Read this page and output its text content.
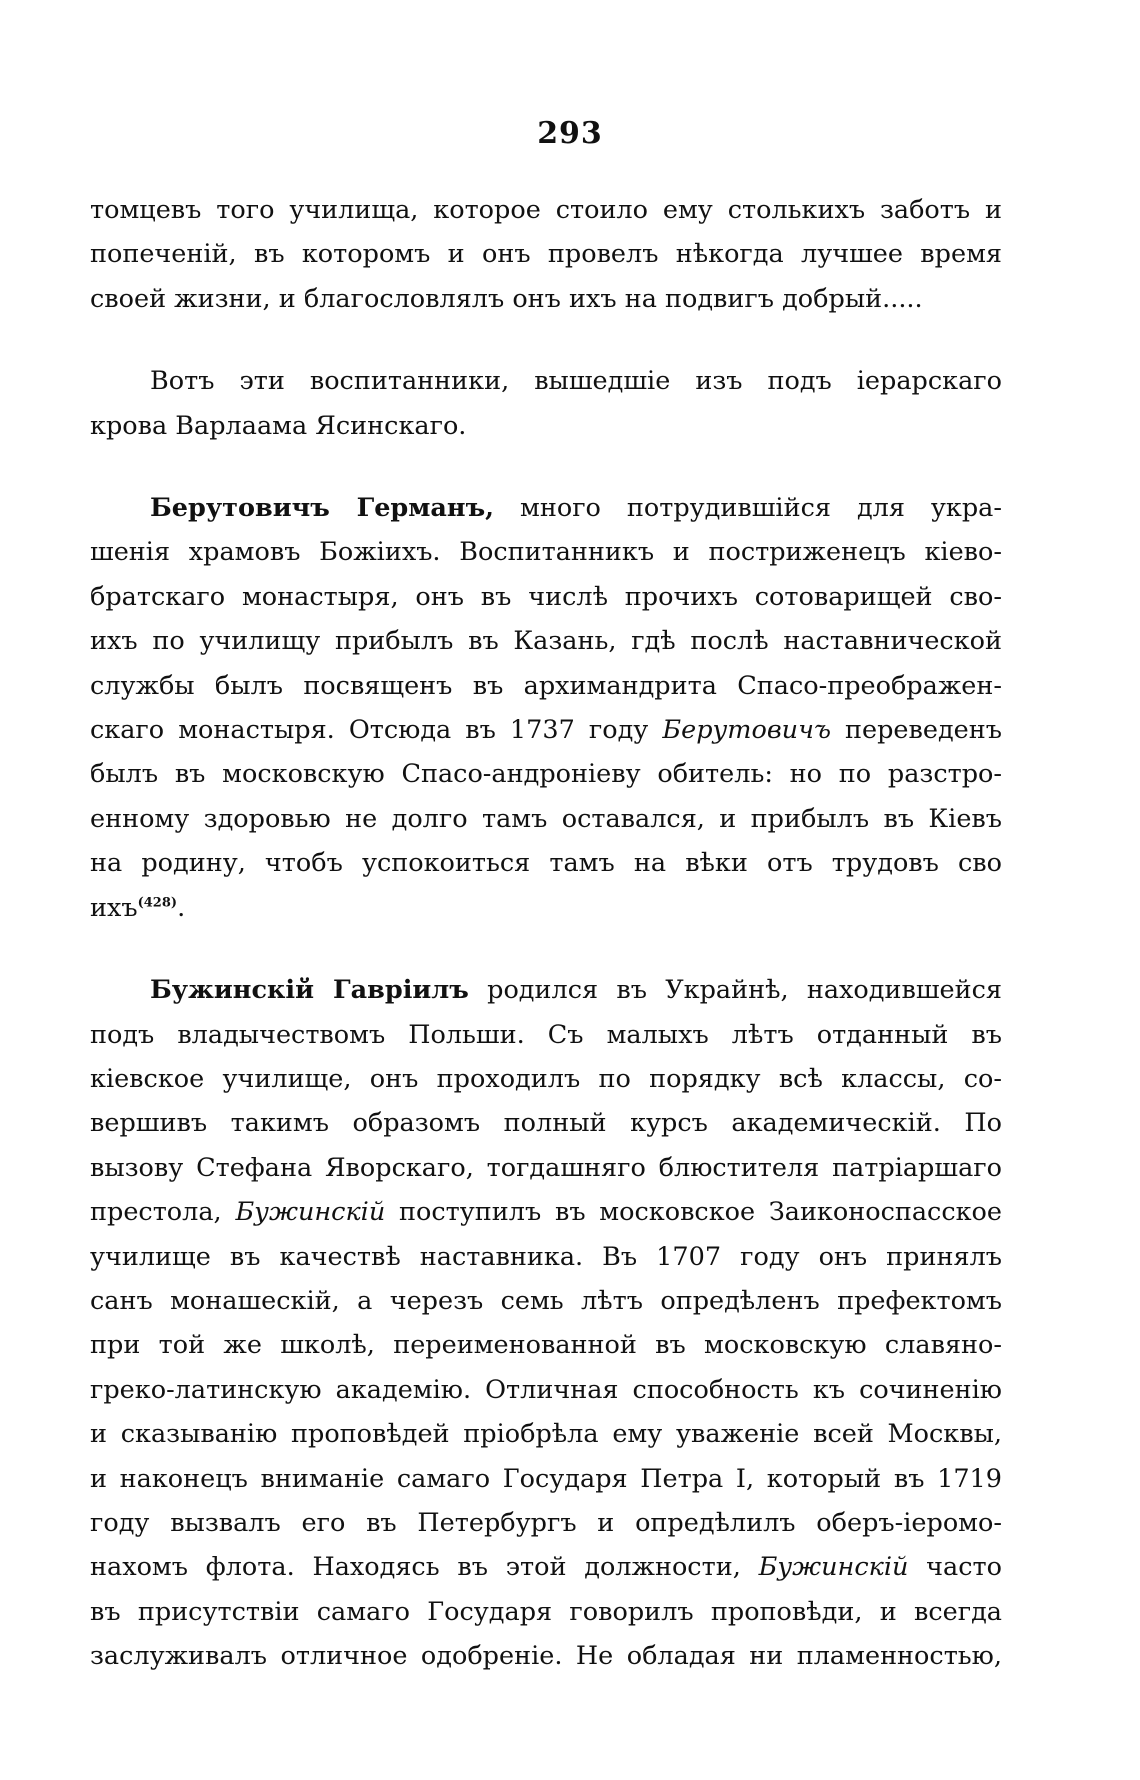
293
томцевъ того училища, которое стоило ему столькихъ заботъ и
попеченій, въ которомъ и онъ провелъ нѣкогда лучшее время
своей жизни, и благословлялъ онъ ихъ на подвигъ добрый.....
Вотъ эти воспитанники, вышедшіе изъ подъ іерарскаго
крова Варлаама Ясинскаго.
Берутовичъ Германъ, много потрудившійся для укра-
шенія храмовъ Божіихъ. Воспитанникъ и постриженецъ кіево-
братскаго монастыря, онъ въ числѣ прочихъ сотоварищей сво-
ихъ по училищу прибылъ въ Казань, гдѣ послѣ наставнической
службы былъ посвященъ въ архимандрита Спасо-преображен-
скаго монастыря. Отсюда въ 1737 году Берутовичъ переведенъ
былъ въ московскую Спасо-андроніеву обитель: но по разстро-
енному здоровью не долго тамъ оставался, и прибылъ въ Кіевъ
на родину, чтобъ успокоиться тамъ на вѣки отъ трудовъ сво
ихъ$^{(428)}$.
Бужинскій Гавріилъ родился въ Украйнѣ, находившейся
подъ владычествомъ Польши. Съ малыхъ лѣтъ отданный въ
кіевское училище, онъ проходилъ по порядку всѣ классы, со-
вершивъ такимъ образомъ полный курсъ академическій. По
вызову Стефана Яворскаго, тогдашняго блюстителя патріаршаго
престола, Бужинскій поступилъ въ московское Заиконоспасское
училище въ качествѣ наставника. Въ 1707 году онъ принялъ
санъ монашескій, а черезъ семь лѣтъ опредѣленъ префектомъ
при той же школѣ, переименованной въ московскую славяно-
греко-латинскую академію. Отличная способность къ сочиненію
и сказыванію проповѣдей пріобрѣла ему уваженіе всей Москвы,
и наконецъ вниманіе самаго Государя Петра I, который въ 1719
году вызвалъ его въ Петербургъ и опредѣлилъ оберъ-іеромо-
нахомъ флота. Находясь въ этой должности, Бужинскій часто
въ присутствіи самаго Государя говорилъ проповѣди, и всегда
заслуживалъ отличное одобреніе. Не обладая ни пламенностью,
